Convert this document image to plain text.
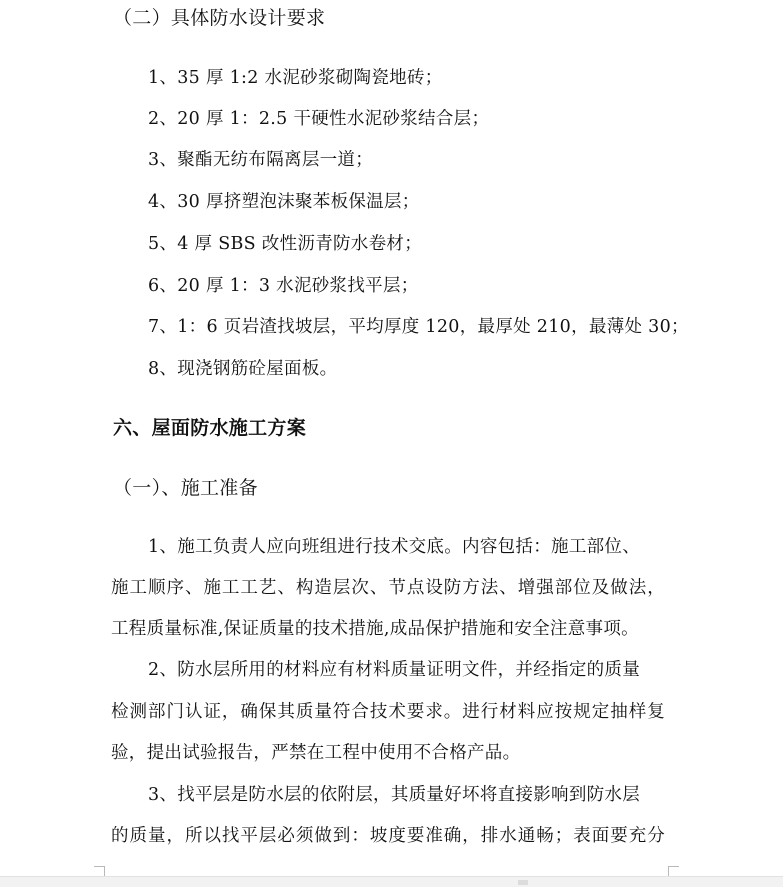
（二）具体防水设计要求
1、35 厚 1:2 水泥砂浆砌陶瓷地砖；
2、20 厚 1：2.5 干硬性水泥砂浆结合层；
3、聚酯无纺布隔离层一道；
4、30 厚挤塑泡沫聚苯板保温层；
5、4 厚 SBS 改性沥青防水卷材；
6、20 厚 1：3 水泥砂浆找平层；
7、1：6 页岩渣找坡层，平均厚度 120，最厚处 210，最薄处 30；
8、现浇钢筋砼屋面板。
六、屋面防水施工方案
（一）、施工准备
1、施工负责人应向班组进行技术交底。内容包括：施工部位、
施工顺序、施工工艺、构造层次、节点设防方法、增强部位及做法，
工程质量标准,保证质量的技术措施,成品保护措施和安全注意事项。
2、防水层所用的材料应有材料质量证明文件，并经指定的质量
检测部门认证，确保其质量符合技术要求。进行材料应按规定抽样复
验，提出试验报告，严禁在工程中使用不合格产品。
3、找平层是防水层的依附层，其质量好坏将直接影响到防水层
的质量，所以找平层必须做到：坡度要准确，排水通畅；表面要充分
